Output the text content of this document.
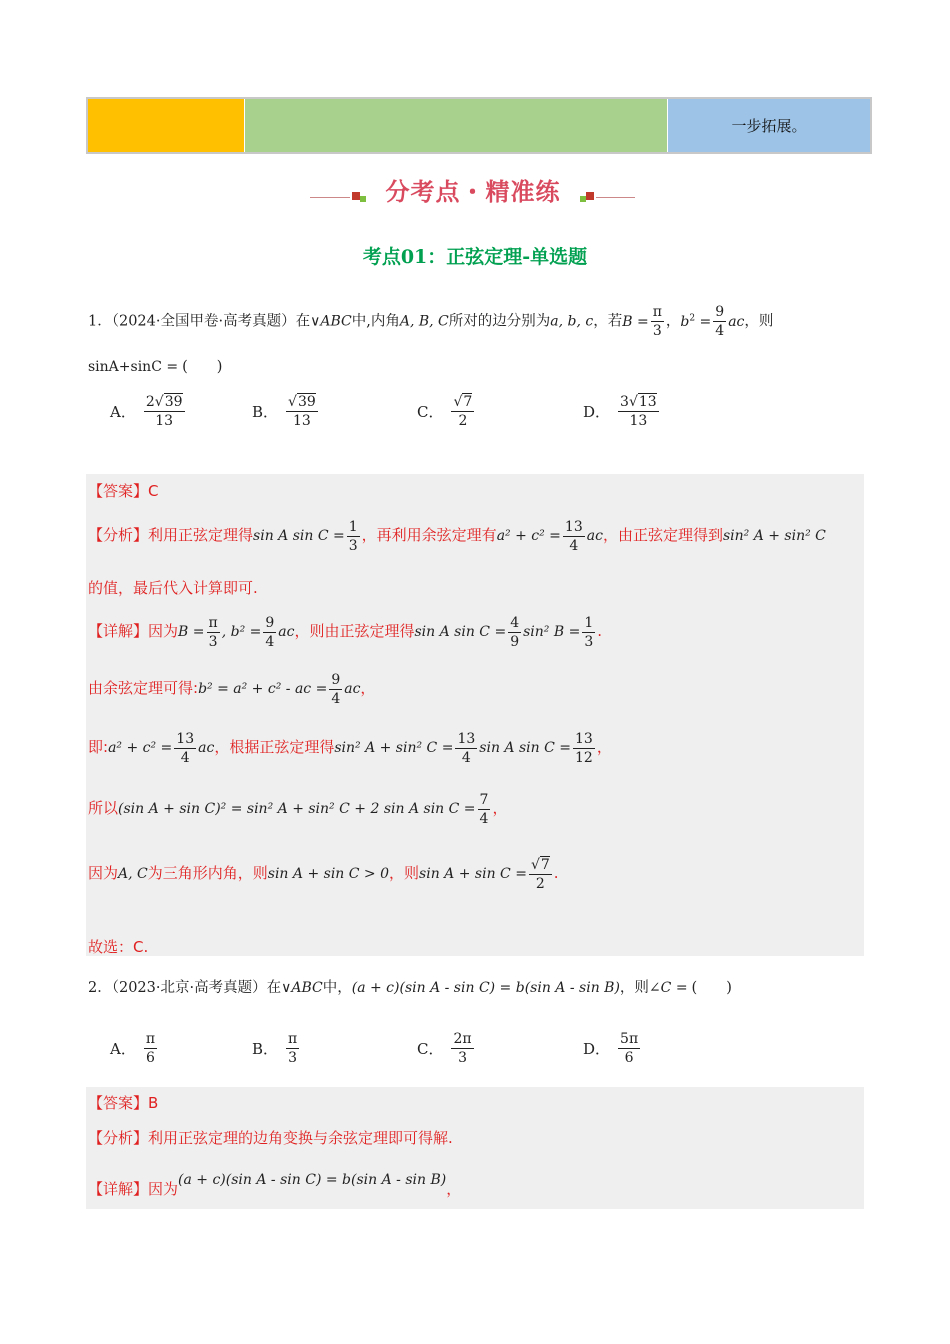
一步拓展。
分考点・精准练
考点01：正弦定理-单选题
1．（2024·全国甲卷·高考真题）在∨ABC中,内角A, B, C所对的边分别为a, b, c，若$B = \frac{\pi}{3}$ ，$b^2 = \frac{9}{4}$ ac，则
sinA+sinC = (　　)
A． $\frac{2√39}{13}$	B． $\frac{√39}{13}$	C． $\frac{√7}{2}$	D． $\frac{3√13}{13}$
【答案】C
【分析】利用正弦定理得sin A $\sin C = \frac{1}{3}$ ，再利用余弦定理有$a^2 + c^2 = \frac{13}{4}$ ac，由正弦定理得到sin² A + sin² C
的值，最后代入计算即可.
【详解】因为$B = \frac{\pi}{3}$ , $b^2 = \frac{9}{4}$ ac，则由正弦定理得sin A $\sin C = \frac{4}{9} \sin^2$ $B = \frac{1}{3}$ .
由余弦定理可得:b² = a² + c² - ac = $\frac{9}{4}$ ac，
即:a² + $c^2 = \frac{13}{4}$ ac，根据正弦定理得sin² A + sin² $C = \frac{13}{4}$ sin A $\sin C = \frac{13}{12}$ ，
所以(sin A + sin C)² = sin² A + sin² C + 2 sin A $\sin C = \frac{7}{4}$ ，
因为A, C为三角形内角，则sin A + sin C > 0，则$\sin A + \sin C = \frac{√7}{2}$ .
故选：C.
2．（2023·北京·高考真题）在∨ABC中，(a + c)(sin A - sin C) = b(sin A - sin B)，则∠C = (　　)
A． $\frac{\pi}{6}$	B． $\frac{\pi}{3}$	C． $\frac{2\pi}{3}$	D． $\frac{5\pi}{6}$
【答案】B
【分析】利用正弦定理的边角变换与余弦定理即可得解.
【详解】因为(a + c)(sin A - sin C) = b(sin A - sin B)，
